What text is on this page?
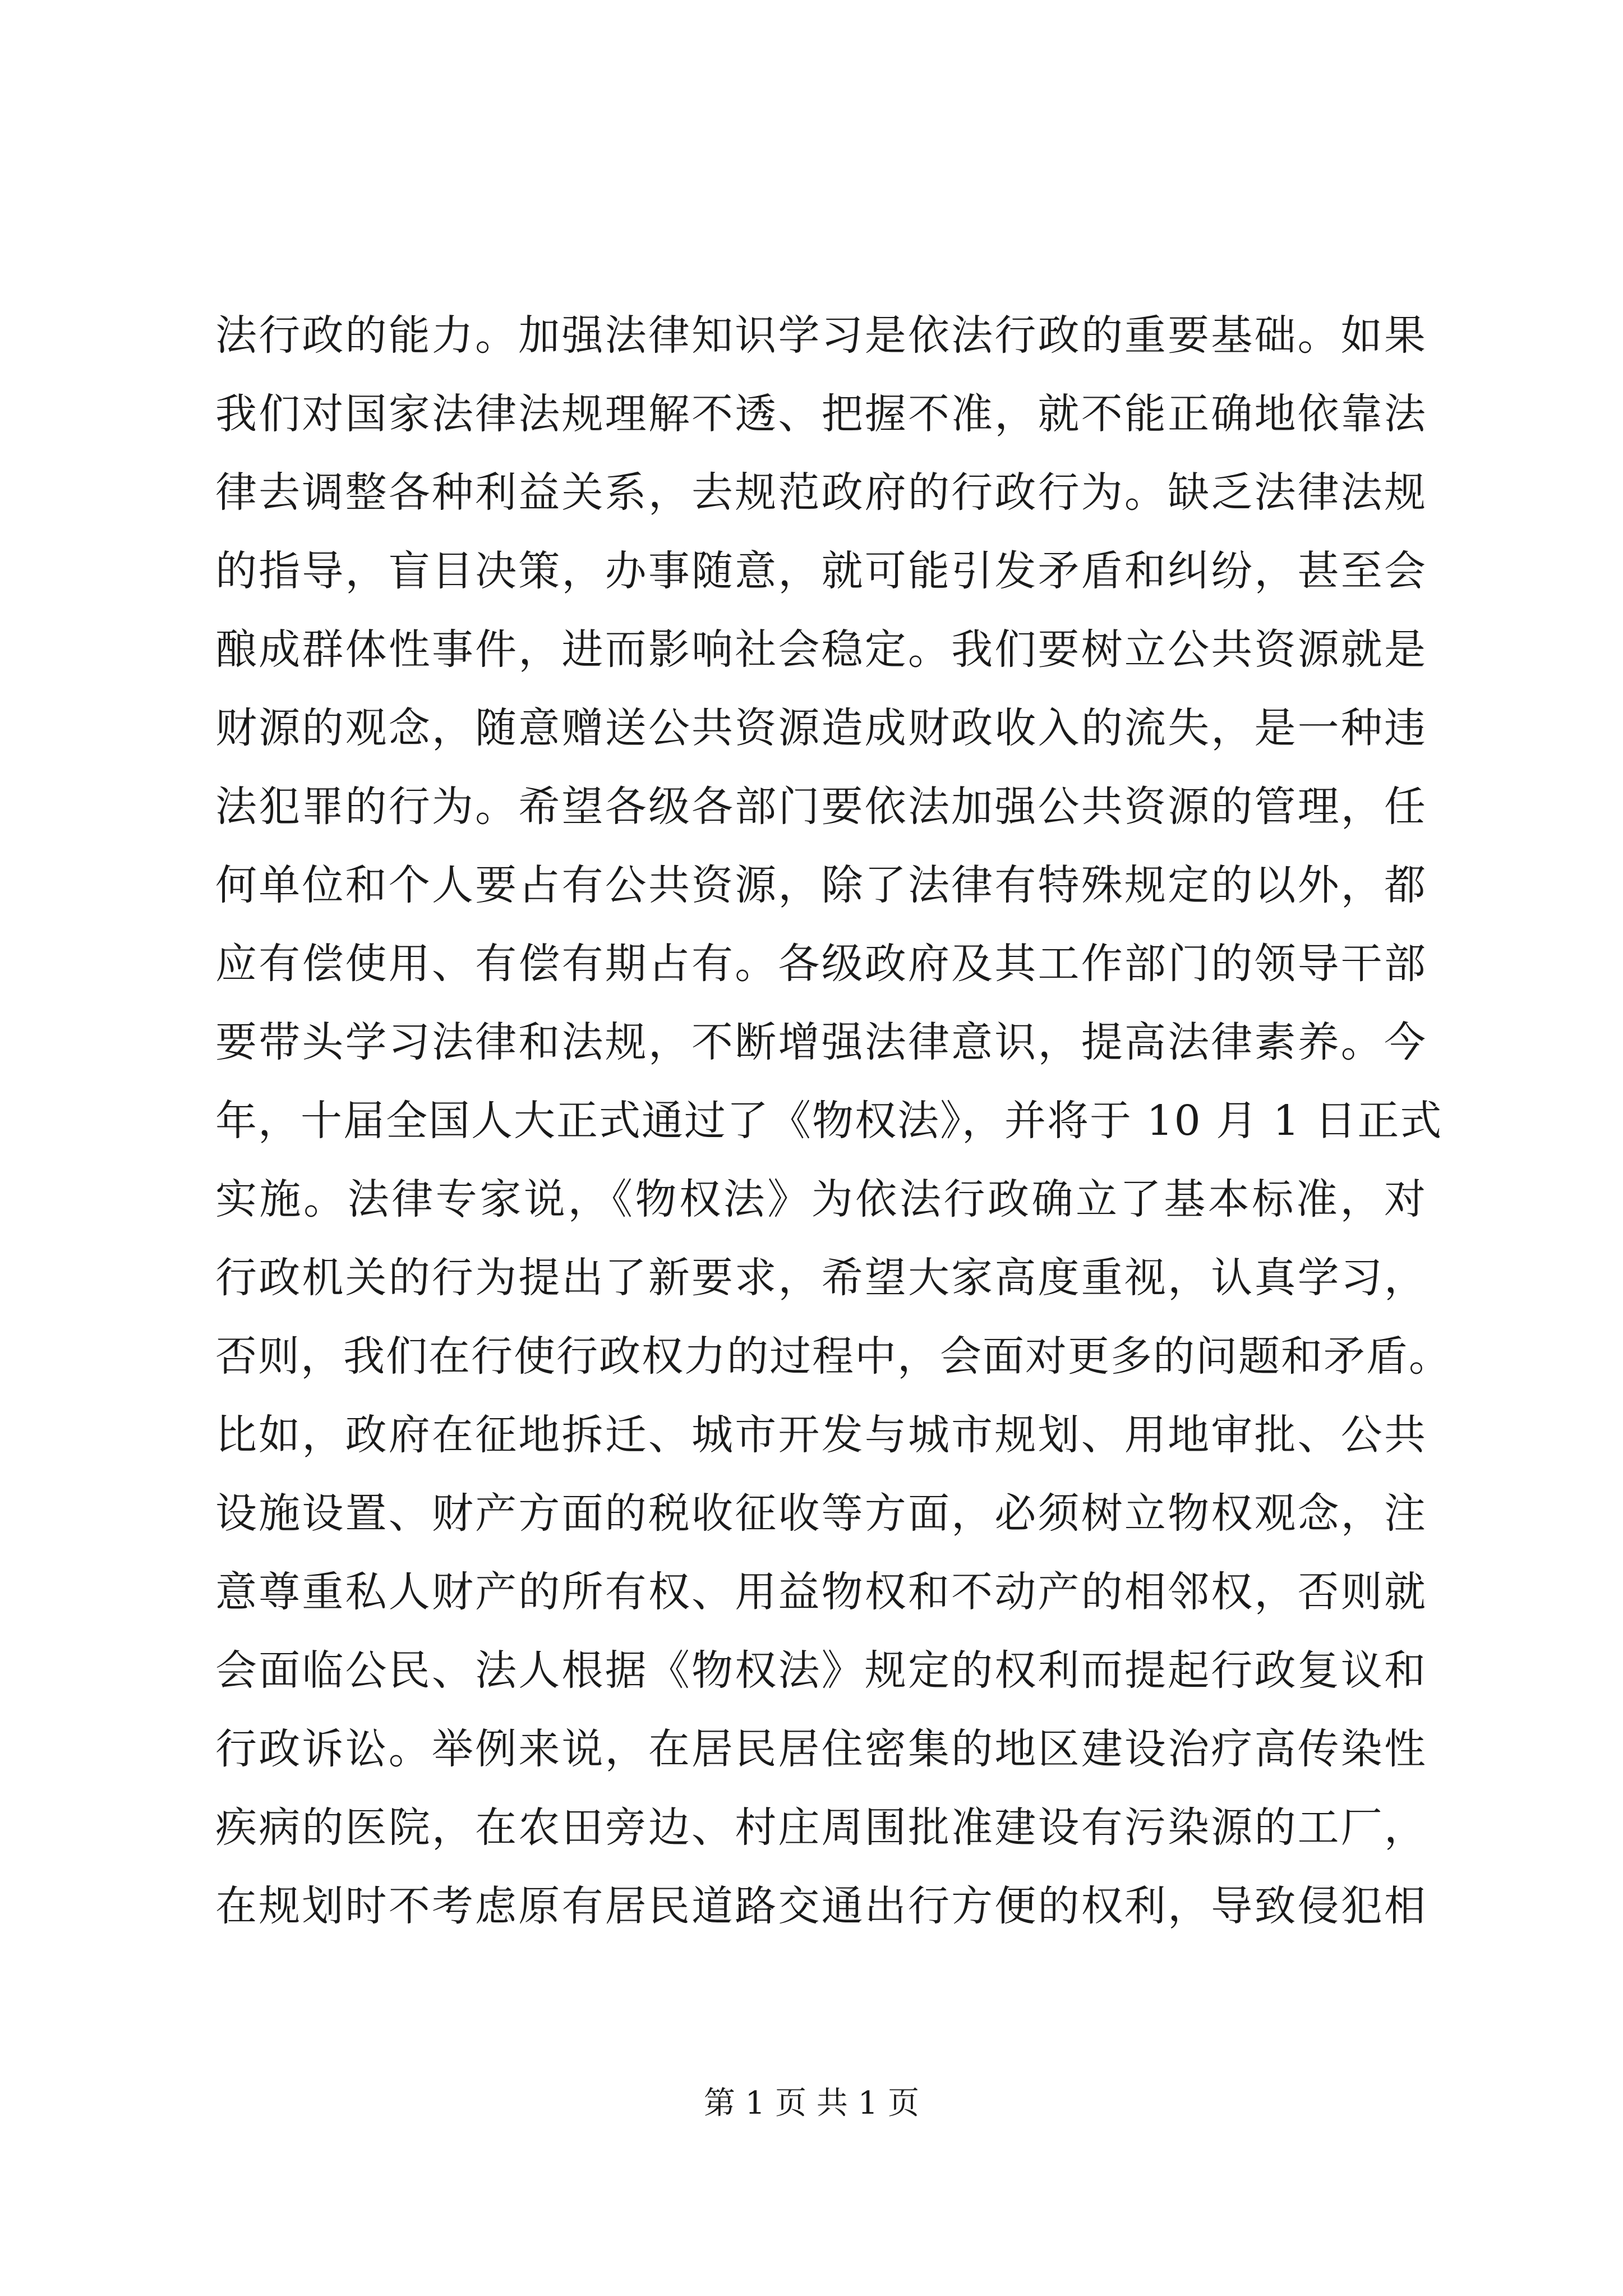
法行政的能力。加强法律知识学习是依法行政的重要基础。如果
我们对国家法律法规理解不透、把握不准，就不能正确地依靠法
律去调整各种利益关系，去规范政府的行政行为。缺乏法律法规
的指导，盲目决策，办事随意，就可能引发矛盾和纠纷，甚至会
酿成群体性事件，进而影响社会稳定。我们要树立公共资源就是
财源的观念，随意赠送公共资源造成财政收入的流失，是一种违
法犯罪的行为。希望各级各部门要依法加强公共资源的管理，任
何单位和个人要占有公共资源，除了法律有特殊规定的以外，都
应有偿使用、有偿有期占有。各级政府及其工作部门的领导干部
要带头学习法律和法规，不断增强法律意识，提高法律素养。今
年，十届全国人大正式通过了《物权法》，并将于 10 月 1 日正式
实施。法律专家说，《物权法》为依法行政确立了基本标准，对
行政机关的行为提出了新要求，希望大家高度重视，认真学习，
否则，我们在行使行政权力的过程中，会面对更多的问题和矛盾。
比如，政府在征地拆迁、城市开发与城市规划、用地审批、公共
设施设置、财产方面的税收征收等方面，必须树立物权观念，注
意尊重私人财产的所有权、用益物权和不动产的相邻权，否则就
会面临公民、法人根据《物权法》规定的权利而提起行政复议和
行政诉讼。举例来说，在居民居住密集的地区建设治疗高传染性
疾病的医院，在农田旁边、村庄周围批准建设有污染源的工厂，
在规划时不考虑原有居民道路交通出行方便的权利，导致侵犯相
第 1 页 共 1 页
